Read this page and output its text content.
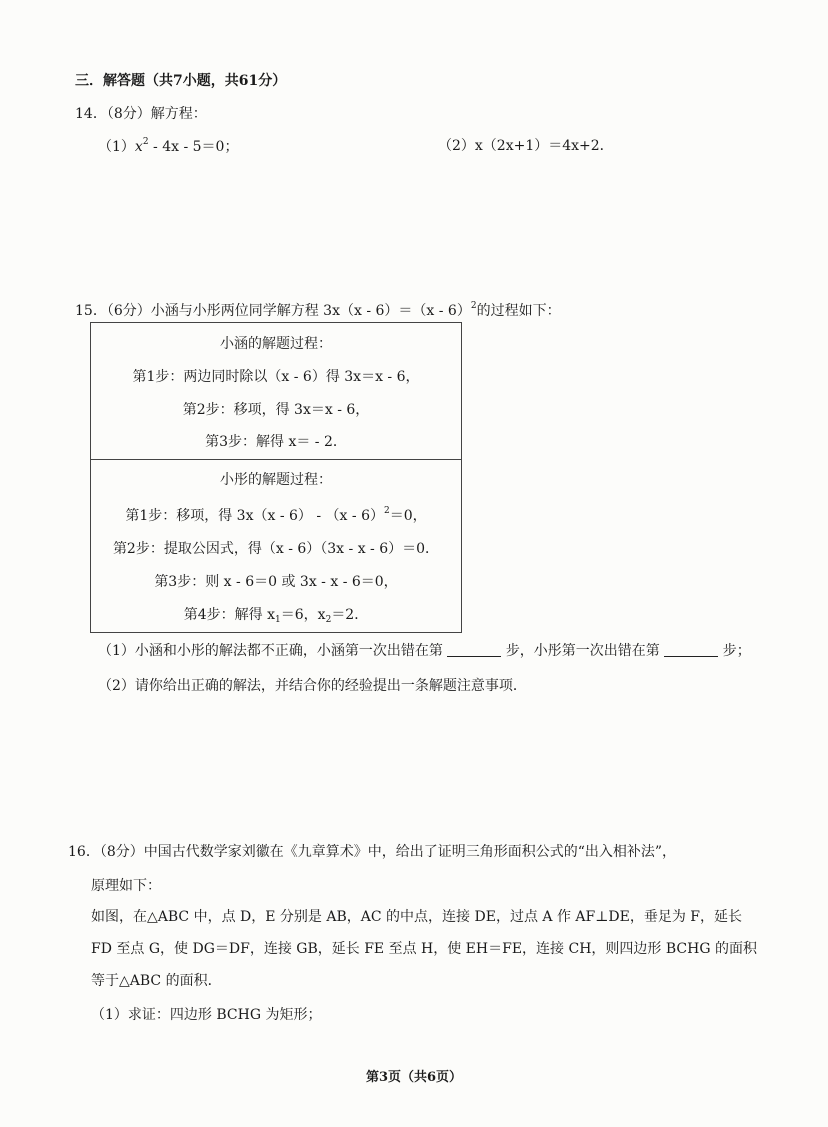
三．解答题（共7小题，共61分）
14．（8分）解方程：
$(1)x^2 - 4x - 5=0$；	（2）x（2x+1）＝4x+2．
15．（6分）小涵与小彤两位同学解方程 3x（x - 6）＝（x - 6）$^2$的过程如下：
小涵的解题过程：
第1步：两边同时除以（x - 6）得 3x＝x - 6，
第2步：移项，得 3x＝x - 6，
第3步：解得 x＝ - 2．
小彤的解题过程：
第1步：移项，得 3x（x - 6） - （x - 6）$^2$＝0，
第2步：提取公因式，得（x - 6）（3x - x - 6）＝0．
第3步：则 x - 6＝0 或 3x - x - 6＝0，
第4步：解得 $x_1=6$，$x_2=2$．
（1）小涵和小彤的解法都不正确，小涵第一次出错在第	步，小彤第一次出错在第	步；
（2）请你给出正确的解法，并结合你的经验提出一条解题注意事项．
16．（8分）中国古代数学家刘徽在《九章算术》中，给出了证明三角形面积公式的“出入相补法”，
原理如下：
如图，在△ABC 中，点 D，E 分别是 AB，AC 的中点，连接 DE，过点 A 作 AF⊥DE，垂足为 F，延长
FD 至点 G，使 DG＝DF，连接 GB，延长 FE 至点 H，使 EH＝FE，连接 CH，则四边形 BCHG 的面积
等于△ABC 的面积．
（1）求证：四边形 BCHG 为矩形；
第3页（共6页）
